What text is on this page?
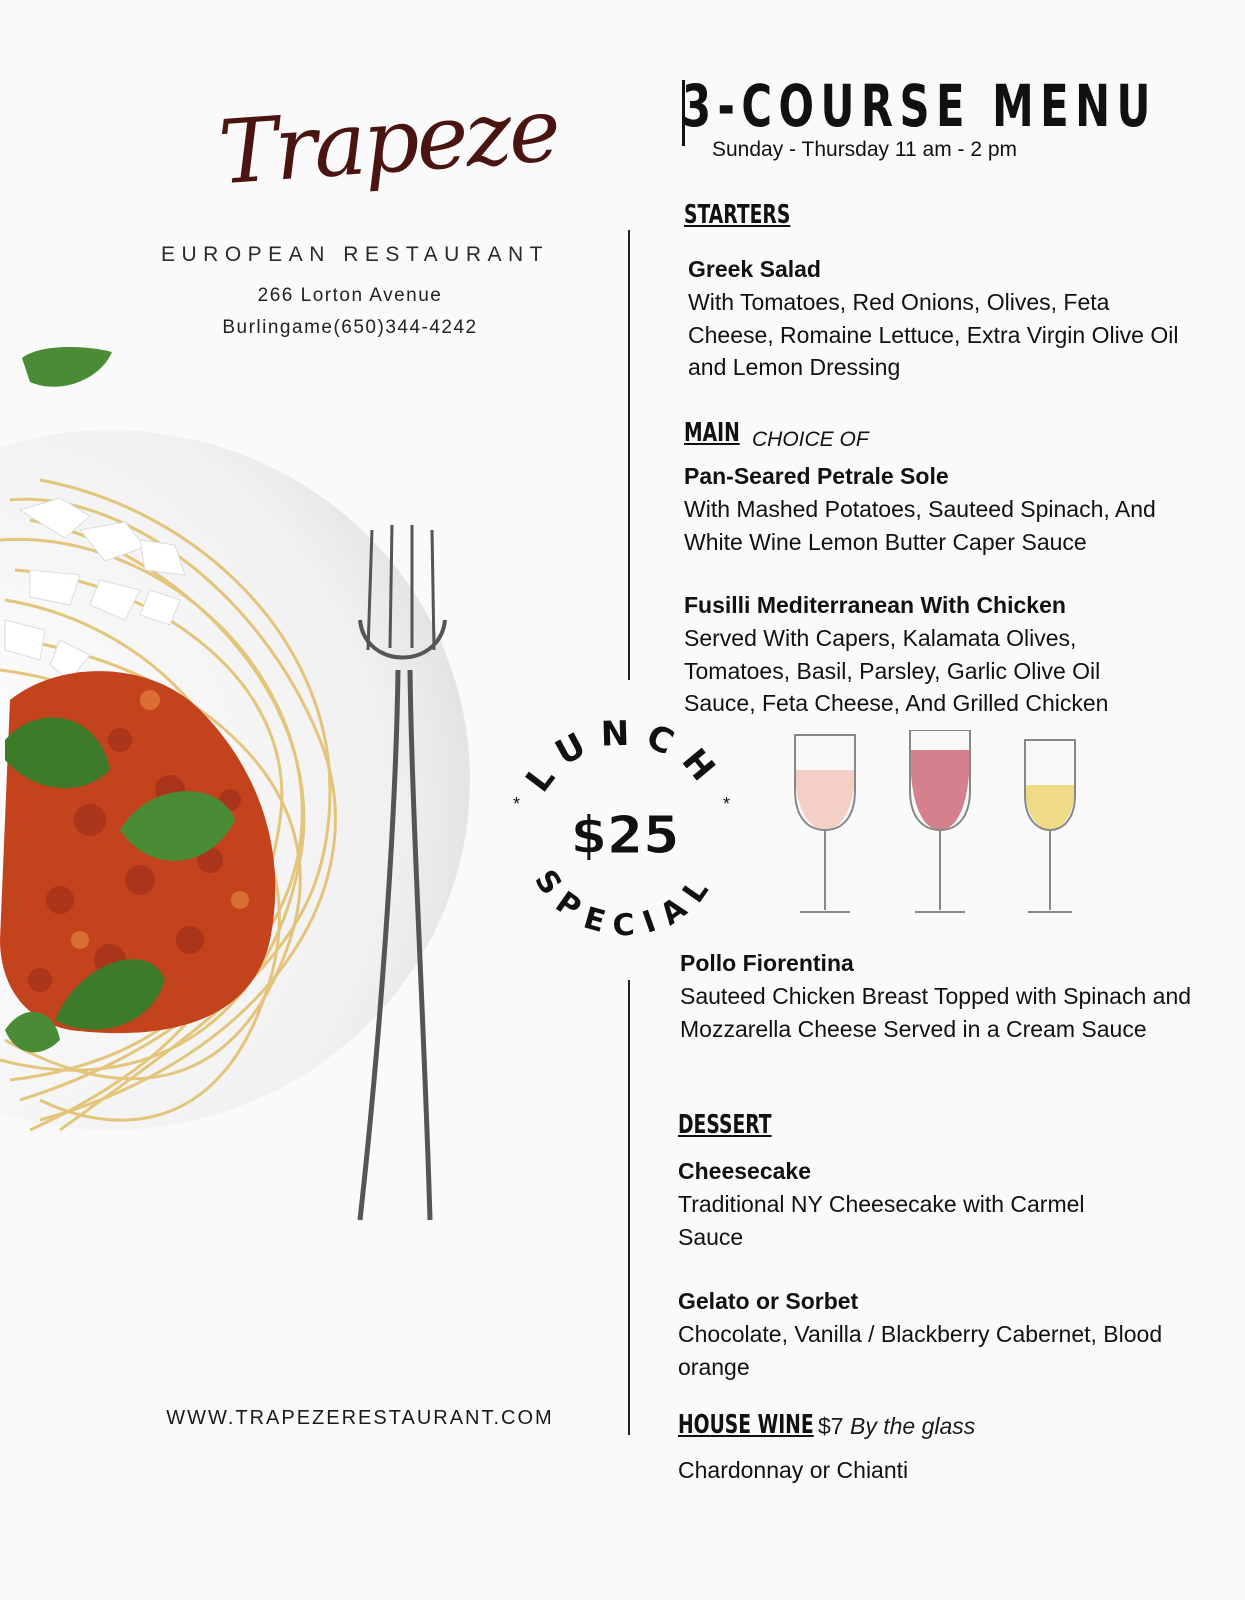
Trapeze
EUROPEAN RESTAURANT
266 Lorton Avenue
Burlingame(650)344-4242
WWW.TRAPEZERESTAURANT.COM
LUNCH
SPECIAL
*	*
$25
3-COURSE MENU
Sunday - Thursday 11 am - 2 pm
STARTERS
Greek Salad
With Tomatoes, Red Onions, Olives, Feta Cheese, Romaine Lettuce, Extra Virgin Olive Oil and Lemon Dressing
MAIN CHOICE OF
Pan-Seared Petrale Sole
With Mashed Potatoes, Sauteed Spinach, And White Wine Lemon Butter Caper Sauce
Fusilli Mediterranean With Chicken
Served With Capers, Kalamata Olives, Tomatoes, Basil, Parsley, Garlic Olive Oil Sauce, Feta Cheese, And Grilled Chicken
Pollo Fiorentina
Sauteed Chicken Breast Topped with Spinach and Mozzarella Cheese Served in a Cream Sauce
DESSERT
Cheesecake
Traditional NY Cheesecake with Carmel Sauce
Gelato or Sorbet
Chocolate, Vanilla / Blackberry Cabernet, Blood orange
HOUSE WINE $7 By the glass
Chardonnay or Chianti
